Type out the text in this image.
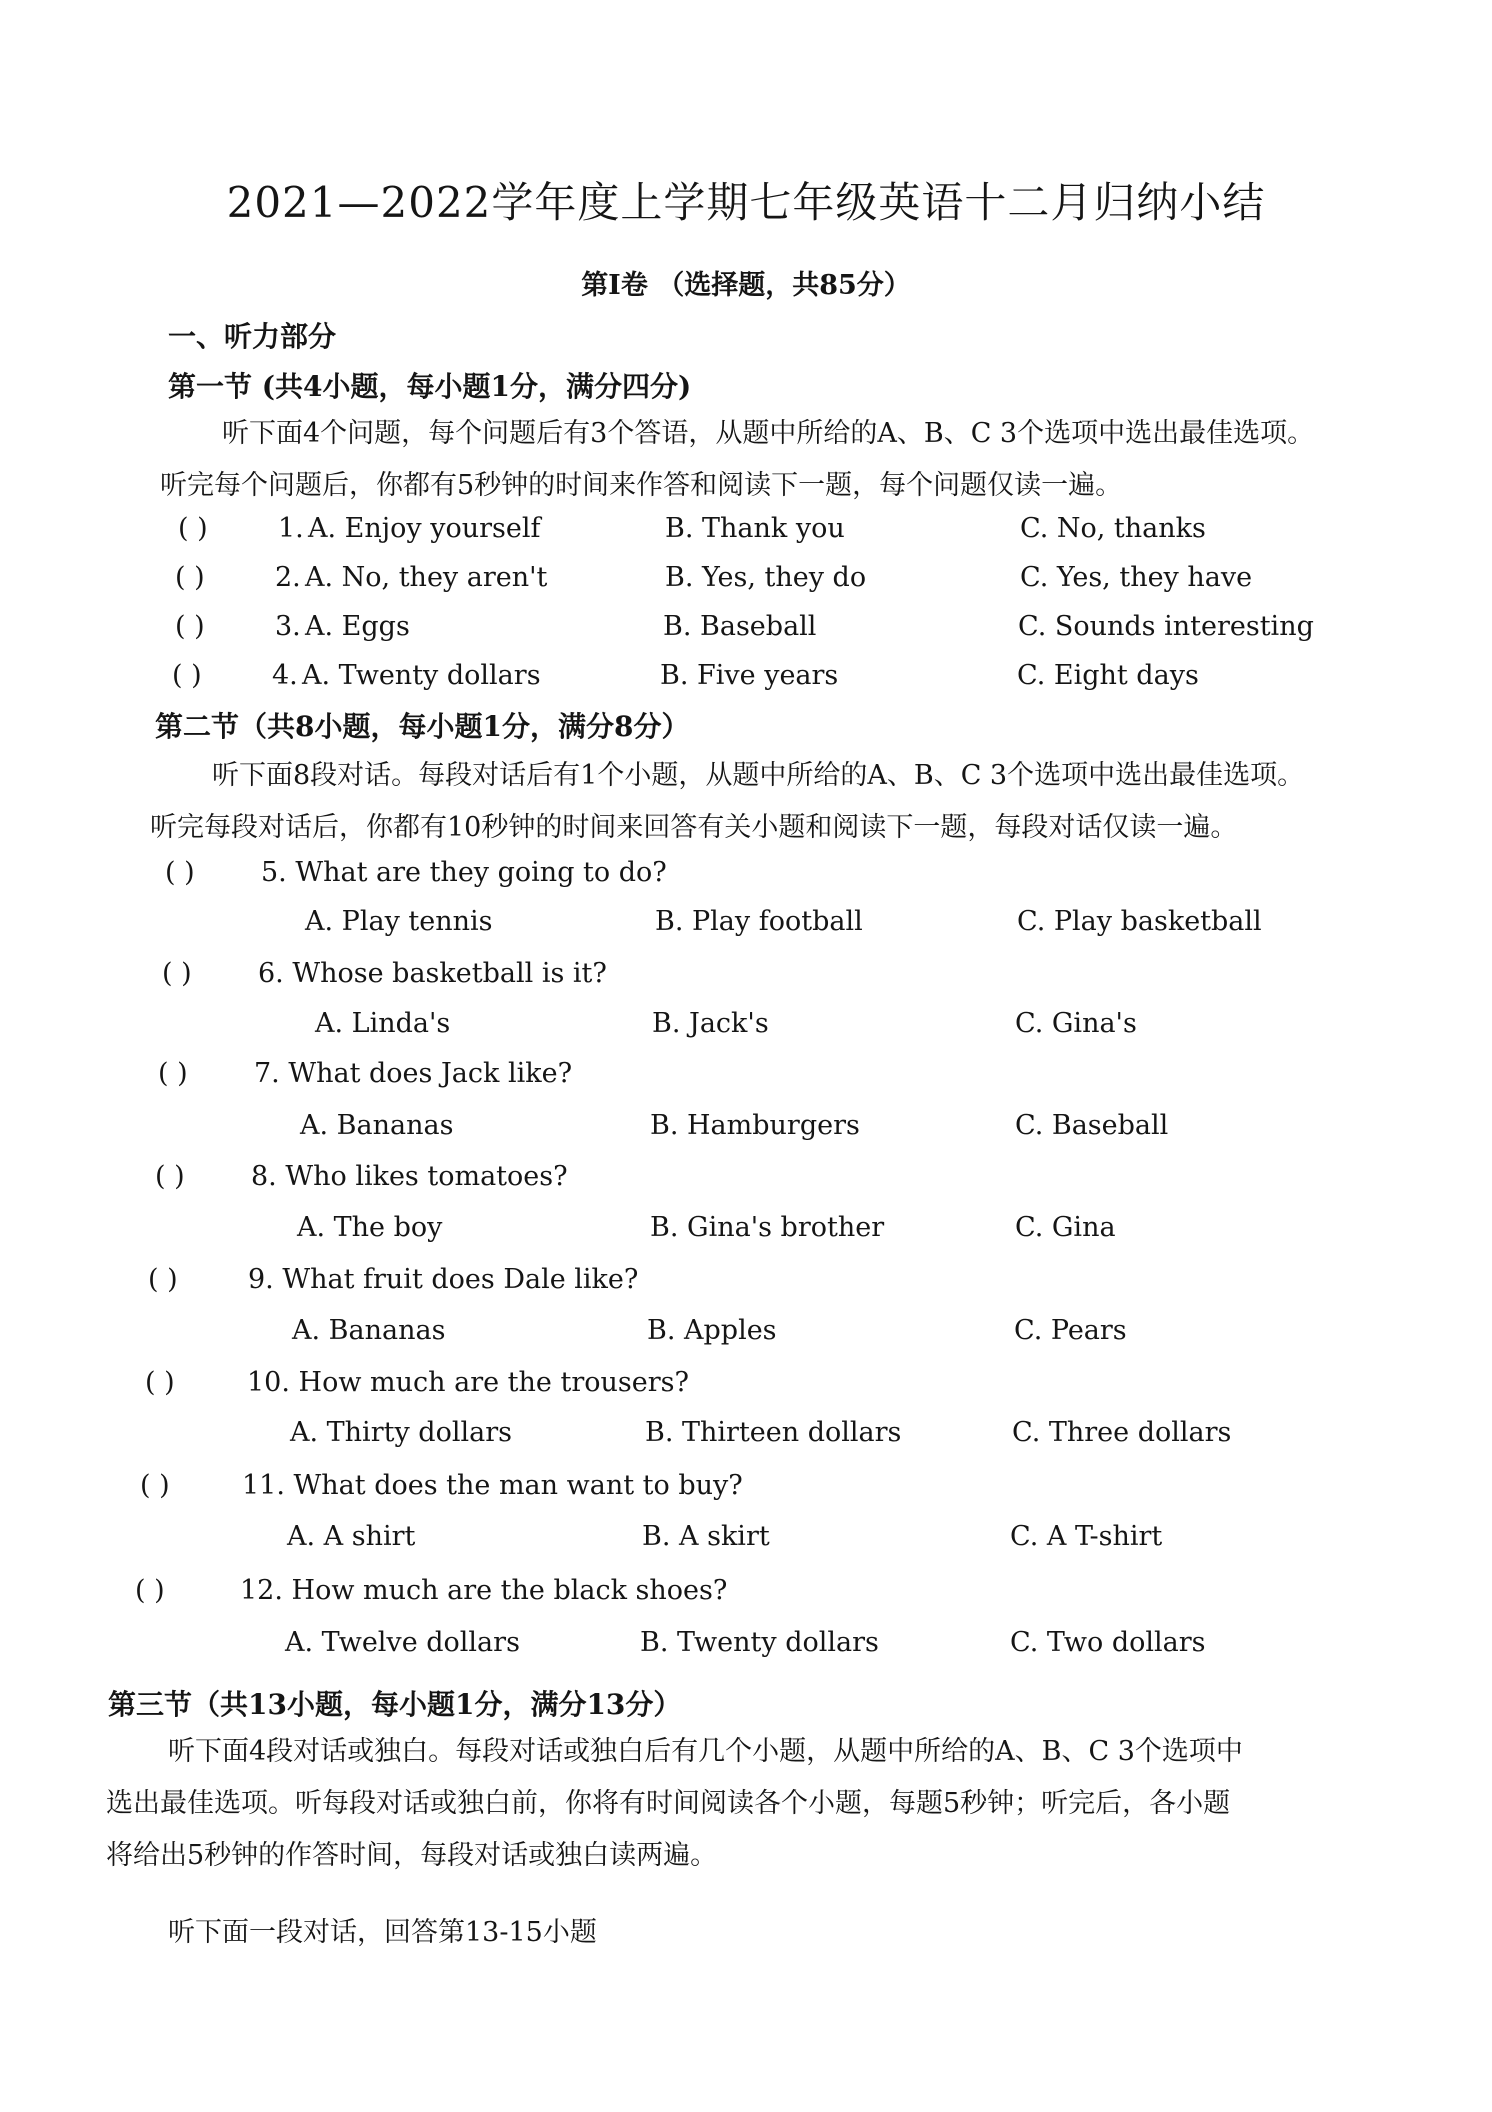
2021—2022学年度上学期七年级英语十二月归纳小结
第Ⅰ卷 （选择题，共85分）
一、听力部分
第一节 (共4小题，每小题1分，满分四分)
听下面4个问题，每个问题后有3个答语，从题中所给的A、B、C 3个选项中选出最佳选项。
听完每个问题后，你都有5秒钟的时间来作答和阅读下一题，每个问题仅读一遍。
( )	1. A. Enjoy yourself	B. Thank you	C. No, thanks
( )	2. A. No, they aren't	B. Yes, they do	C. Yes, they have
( )	3. A. Eggs	B. Baseball	C. Sounds interesting
( )	4. A. Twenty dollars	B. Five years	C. Eight days
第二节（共8小题，每小题1分，满分8分）
听下面8段对话。每段对话后有1个小题，从题中所给的A、B、C 3个选项中选出最佳选项。
听完每段对话后，你都有10秒钟的时间来回答有关小题和阅读下一题，每段对话仅读一遍。
( ) 5. What are they going to do?
A. Play tennis	B. Play football	C. Play basketball
( ) 6. Whose basketball is it?
A. Linda's	B. Jack's	C. Gina's
( ) 7. What does Jack like?
A. Bananas	B. Hamburgers	C. Baseball
( ) 8. Who likes tomatoes?
A. The boy	B. Gina's brother	C. Gina
( )	9. What fruit does Dale like?
A. Bananas	B. Apples	C. Pears
( )	10. How much are the trousers?
A. Thirty dollars	B. Thirteen dollars	C. Three dollars
( )	11. What does the man want to buy?
A. A shirt	B. A skirt	C. A T-shirt
( )	12. How much are the black shoes?
A. Twelve dollars	B. Twenty dollars	C. Two dollars
第三节（共13小题，每小题1分，满分13分）
听下面4段对话或独白。每段对话或独白后有几个小题，从题中所给的A、B、C 3个选项中
选出最佳选项。听每段对话或独白前，你将有时间阅读各个小题，每题5秒钟；听完后，各小题
将给出5秒钟的作答时间，每段对话或独白读两遍。
听下面一段对话，回答第13-15小题
